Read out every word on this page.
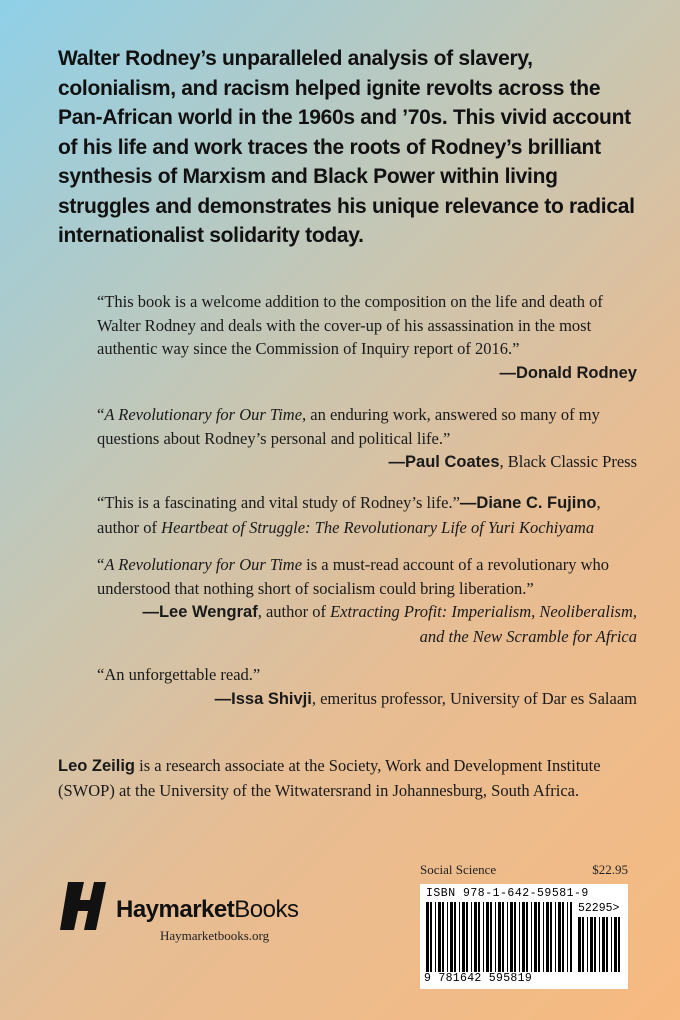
Walter Rodney’s unparalleled analysis of slavery, colonialism, and racism helped ignite revolts across the Pan-African world in the 1960s and ’70s. This vivid account of his life and work traces the roots of Rodney’s brilliant synthesis of Marxism and Black Power within living struggles and demonstrates his unique relevance to radical internationalist solidarity today.
“This book is a welcome addition to the composition on the life and death of Walter Rodney and deals with the cover-up of his assassination in the most authentic way since the Commission of Inquiry report of 2016.”
—Donald Rodney
“A Revolutionary for Our Time, an enduring work, answered so many of my questions about Rodney’s personal and political life.”
—Paul Coates, Black Classic Press
“This is a fascinating and vital study of Rodney’s life.”—Diane C. Fujino, author of Heartbeat of Struggle: The Revolutionary Life of Yuri Kochiyama
“A Revolutionary for Our Time is a must-read account of a revolutionary who understood that nothing short of socialism could bring liberation.”
—Lee Wengraf, author of Extracting Profit: Imperialism, Neoliberalism,
and the New Scramble for Africa
“An unforgettable read.”
—Issa Shivji, emeritus professor, University of Dar es Salaam
Leo Zeilig is a research associate at the Society, Work and Development Institute (SWOP) at the University of the Witwatersrand in Johannesburg, South Africa.
HaymarketBooks
Haymarketbooks.org
Social Science	$22.95
ISBN 978-1-642-59581-9
52295>
9 781642 595819
